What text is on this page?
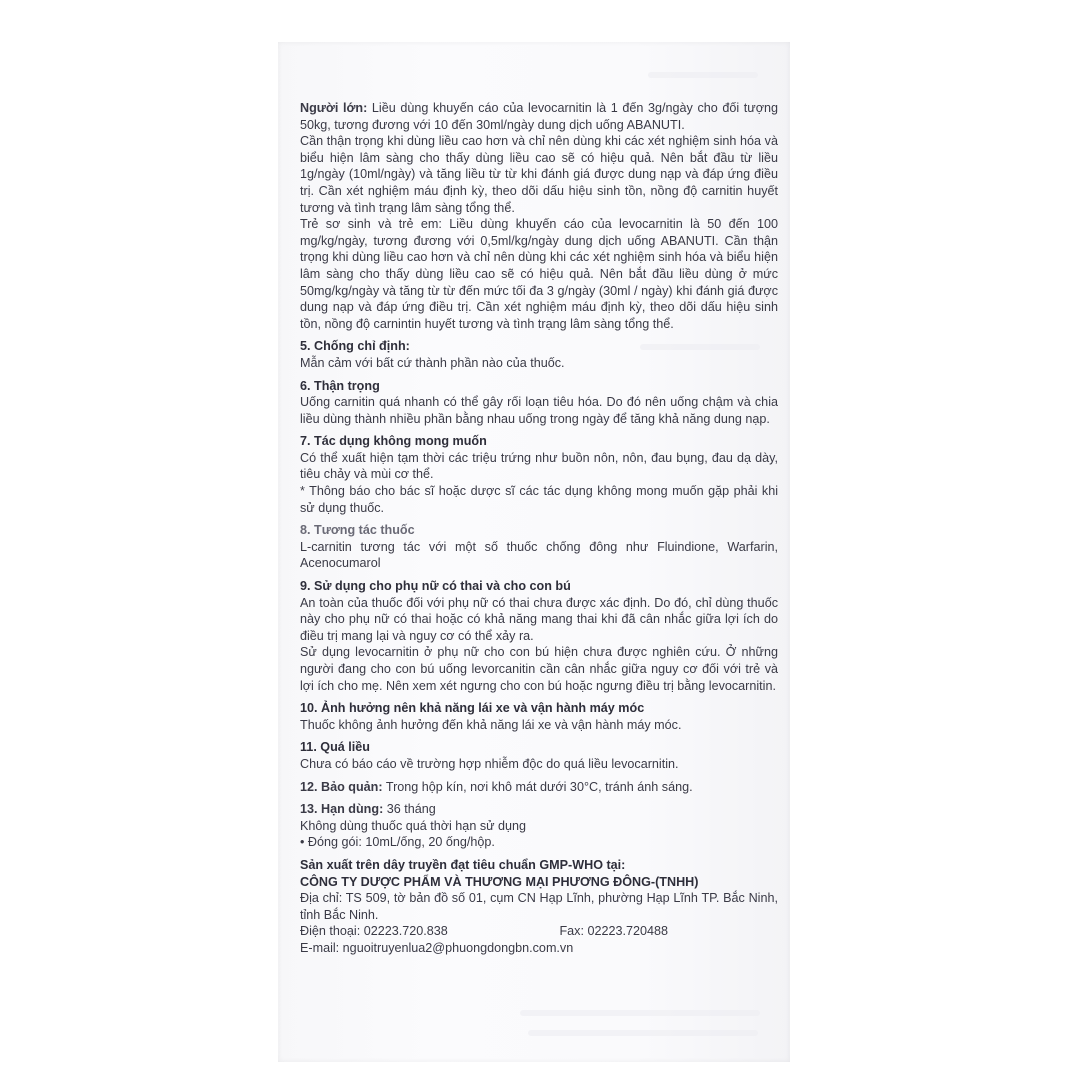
Người lớn: Liều dùng khuyến cáo của levocarnitin là 1 đến 3g/ngày cho đối tượng 50kg, tương đương với 10 đến 30ml/ngày dung dịch uống ABANUTI.

Cần thận trọng khi dùng liều cao hơn và chỉ nên dùng khi các xét nghiệm sinh hóa và biểu hiện lâm sàng cho thấy dùng liều cao sẽ có hiệu quả. Nên bắt đầu từ liều 1g/ngày (10ml/ngày) và tăng liều từ từ khi đánh giá được dung nạp và đáp ứng điều trị. Cần xét nghiệm máu định kỳ, theo dõi dấu hiệu sinh tồn, nồng độ carnitin huyết tương và tình trạng lâm sàng tổng thể.

Trẻ sơ sinh và trẻ em: Liều dùng khuyến cáo của levocarnitin là 50 đến 100 mg/kg/ngày, tương đương với 0,5ml/kg/ngày dung dịch uống ABANUTI. Cần thận trọng khi dùng liều cao hơn và chỉ nên dùng khi các xét nghiệm sinh hóa và biểu hiện lâm sàng cho thấy dùng liều cao sẽ có hiệu quả. Nên bắt đầu liều dùng ở mức 50mg/kg/ngày và tăng từ từ đến mức tối đa 3 g/ngày (30ml / ngày) khi đánh giá được dung nạp và đáp ứng điều trị. Cần xét nghiệm máu định kỳ, theo dõi dấu hiệu sinh tồn, nồng độ carnintin huyết tương và tình trạng lâm sàng tổng thể.

5. Chống chỉ định:

Mẫn cảm với bất cứ thành phần nào của thuốc.

6. Thận trọng

Uống carnitin quá nhanh có thể gây rối loạn tiêu hóa. Do đó nên uống chậm và chia liều dùng thành nhiều phần bằng nhau uống trong ngày để tăng khả năng dung nạp.

7. Tác dụng không mong muốn

Có thể xuất hiện tạm thời các triệu trứng như buồn nôn, nôn, đau bụng, đau dạ dày, tiêu chảy và mùi cơ thể.

* Thông báo cho bác sĩ hoặc dược sĩ các tác dụng không mong muốn gặp phải khi sử dụng thuốc.

8. Tương tác thuốc

L-carnitin tương tác với một số thuốc chống đông như Fluindione, Warfarin, Acenocumarol

9. Sử dụng cho phụ nữ có thai và cho con bú

An toàn của thuốc đối với phụ nữ có thai chưa được xác định. Do đó, chỉ dùng thuốc này cho phụ nữ có thai hoặc có khả năng mang thai khi đã cân nhắc giữa lợi ích do điều trị mang lại và nguy cơ có thể xảy ra.

Sử dụng levocarnitin ở phụ nữ cho con bú hiện chưa được nghiên cứu. Ở những người đang cho con bú uống levorcanitin cần cân nhắc giữa nguy cơ đối với trẻ và lợi ích cho mẹ. Nên xem xét ngưng cho con bú hoặc ngưng điều trị bằng levocarnitin.

10. Ảnh hưởng nên khả năng lái xe và vận hành máy móc

Thuốc không ảnh hưởng đến khả năng lái xe và vận hành máy móc.

11. Quá liều

Chưa có báo cáo về trường hợp nhiễm độc do quá liều levocarnitin.

12. Bảo quản: Trong hộp kín, nơi khô mát dưới 30°C, tránh ánh sáng.

13. Hạn dùng: 36 tháng

Không dùng thuốc quá thời hạn sử dụng

• Đóng gói: 10mL/ống, 20 ống/hộp.

Sản xuất trên dây truyền đạt tiêu chuẩn GMP-WHO tại:

CÔNG TY DƯỢC PHẨM VÀ THƯƠNG MẠI PHƯƠNG ĐÔNG-(TNHH)

Địa chỉ: TS 509, tờ bản đồ số 01, cụm CN Hạp Lĩnh, phường Hạp Lĩnh TP. Bắc Ninh, tỉnh Bắc Ninh.

Điện thoại: 02223.720.838	Fax: 02223.720488

E-mail: nguoitruyenlua2@phuongdongbn.com.vn
